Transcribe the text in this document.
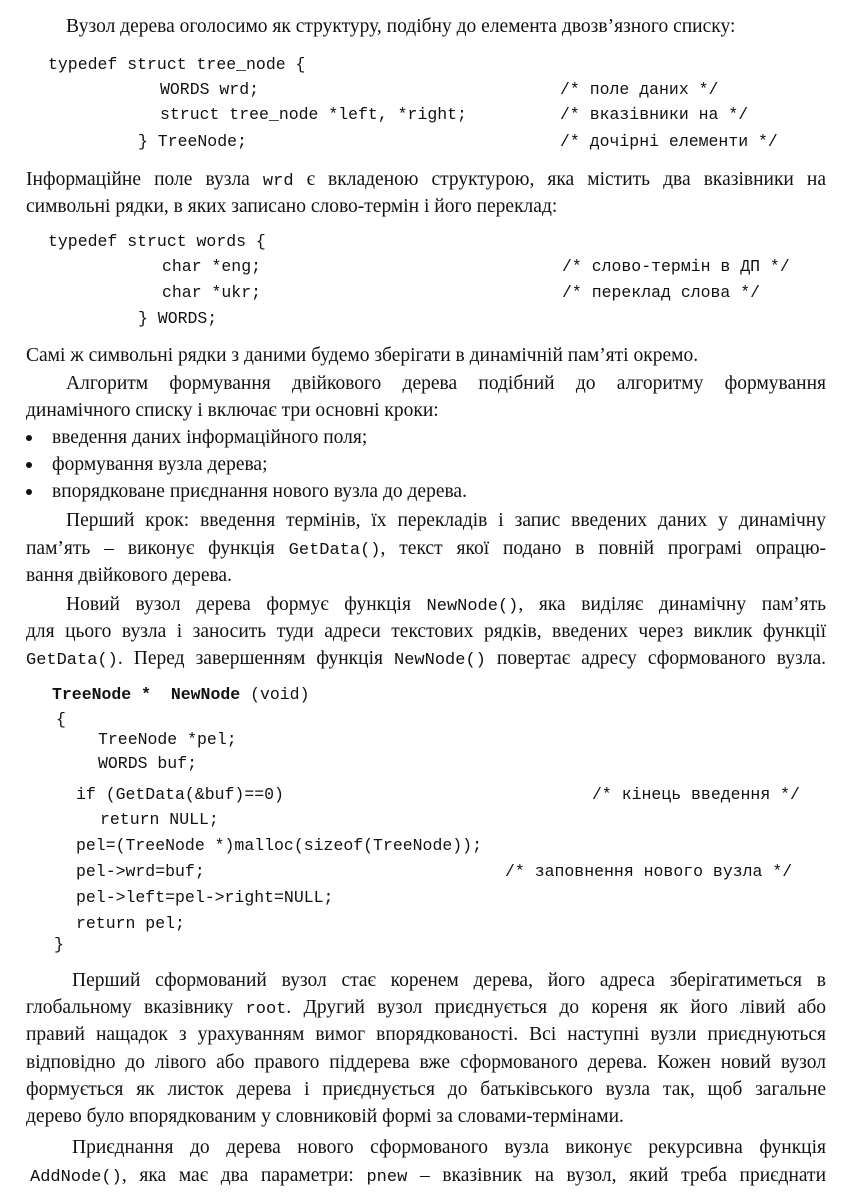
Вузол дерева оголосимо як структуру, подібну до елемента двозв’язного списку:
typedef struct tree_node {
WORDS wrd;	/* поле даних */
struct tree_node *left, *right;	/* вказівники на */
} TreeNode;	/* дочірні елементи */
Інформаційне поле вузла wrd є вкладеною структурою, яка містить два вказівники на
символьні рядки, в яких записано слово-термін і його переклад:
typedef struct words {
char *eng;	/* слово-термін в ДП */
char *ukr;	/* переклад слова */
} WORDS;
Самі ж символьні рядки з даними будемо зберігати в динамічній пам’яті окремо.
Алгоритм формування двійкового дерева подібний до алгоритму формування
динамічного списку і включає три основні кроки:
введення даних інформаційного поля;
формування вузла дерева;
впорядковане приєднання нового вузла до дерева.
Перший крок: введення термінів, їх перекладів і запис введених даних у динамічну
пам’ять – виконує функція GetData(), текст якої подано в повній програмі опрацю-
вання двійкового дерева.
Новий вузол дерева формує функція NewNode(), яка виділяє динамічну пам’ять
для цього вузла і заносить туди адреси текстових рядків, введених через виклик функції
GetData(). Перед завершенням функція NewNode() повертає адресу сформованого вузла.
TreeNode * NewNode (void)
{
TreeNode *pel;
WORDS buf;
if (GetData(&buf)==0)	/* кінець введення */
return NULL;
pel=(TreeNode *)malloc(sizeof(TreeNode));
pel->wrd=buf;	/* заповнення нового вузла */
pel->left=pel->right=NULL;
return pel;
}
Перший сформований вузол стає коренем дерева, його адреса зберігатиметься в
глобальному вказівнику root. Другий вузол приєднується до кореня як його лівий або
правий нащадок з урахуванням вимог впорядкованості. Всі наступні вузли приєднуються
відповідно до лівого або правого піддерева вже сформованого дерева. Кожен новий вузол
формується як листок дерева і приєднується до батьківського вузла так, щоб загальне
дерево було впорядкованим у словниковій формі за словами-термінами.
Приєднання до дерева нового сформованого вузла виконує рекурсивна функція
AddNode(), яка має два параметри: pnew – вказівник на вузол, який треба приєднати
